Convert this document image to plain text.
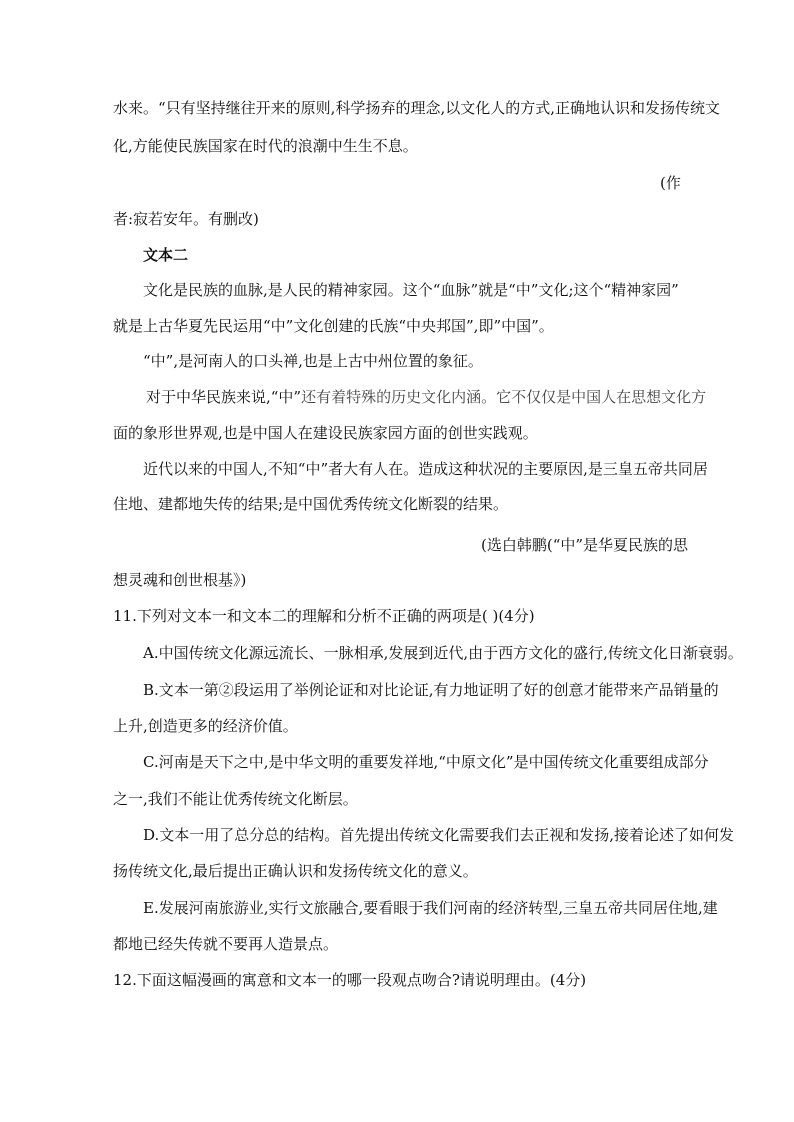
水来。“只有坚持继往开来的原则,科学扬弃的理念,以文化人的方式,正确地认识和发扬传统文
化,方能使民族国家在时代的浪潮中生生不息。
(作
者:寂若安年。有删改)
文本二
文化是民族的血脉,是人民的精神家园。这个“血脉”就是“中”文化;这个“精神家园”
就是上古华夏先民运用“中”文化创建的氏族“中央邦国”,即”中国”。
“中”,是河南人的口头禅,也是上古中州位置的象征。
对于中华民族来说,“中”还有着特殊的历史文化内涵。它不仅仅是中国人在思想文化方
面的象形世界观,也是中国人在建设民族家园方面的创世实践观。
近代以来的中国人,不知“中”者大有人在。造成这种状况的主要原因,是三皇五帝共同居
住地、建都地失传的结果;是中国优秀传统文化断裂的结果。
(选白韩鹏(“中”是华夏民族的思
想灵魂和创世根基》)
11.下列对文本一和文本二的理解和分析不正确的两项是( )(4分)
A.中国传统文化源远流长、一脉相承,发展到近代,由于西方文化的盛行,传统文化日渐衰弱。
B.文本一第②段运用了举例论证和对比论证,有力地证明了好的创意才能带来产品销量的
上升,创造更多的经济价值。
C.河南是天下之中,是中华文明的重要发祥地,“中原文化”是中国传统文化重要组成部分
之一,我们不能让优秀传统文化断层。
D.文本一用了总分总的结构。首先提出传统文化需要我们去正视和发扬,接着论述了如何发
扬传统文化,最后提出正确认识和发扬传统文化的意义。
E.发展河南旅游业,实行文旅融合,要看眼于我们河南的经济转型,三皇五帝共同居住地,建
都地已经失传就不要再人造景点。
12.下面这幅漫画的寓意和文本一的哪一段观点吻合?请说明理由。(4分)
